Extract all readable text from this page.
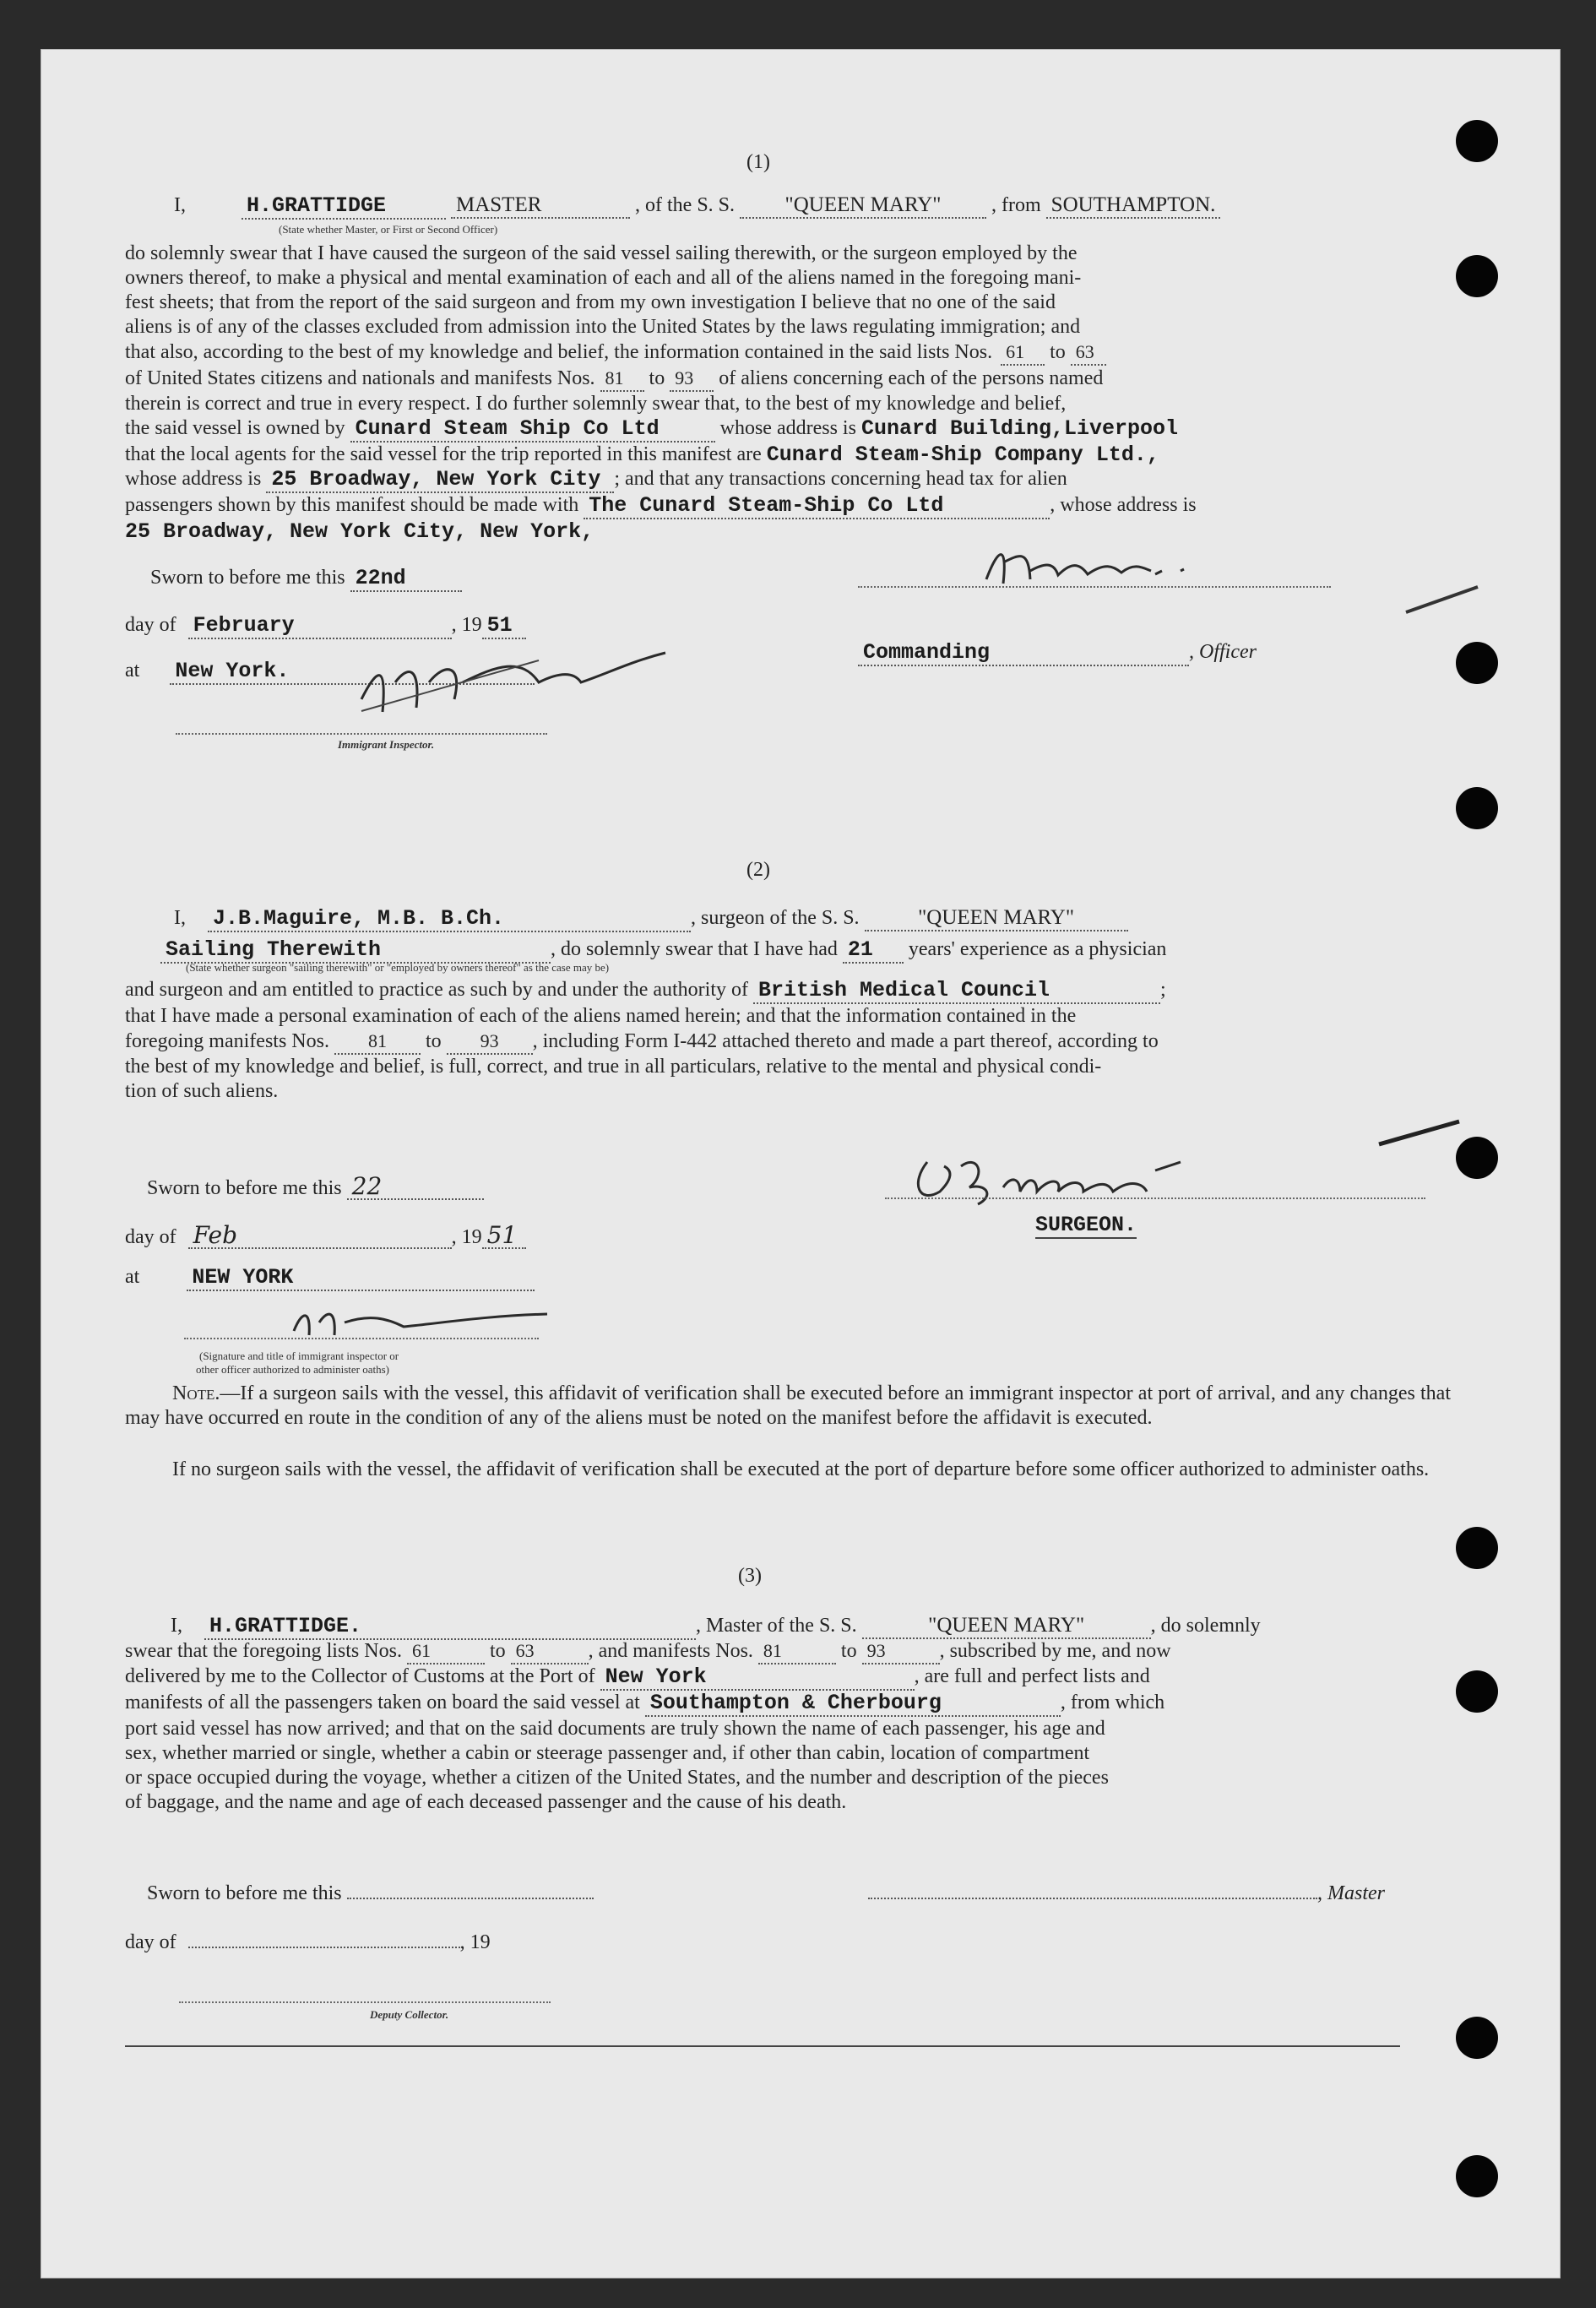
(1)
I,	H.GRATTIDGE	MASTER	, of the S. S. "QUEEN MARY" , from SOUTHAMPTON.
(State whether Master, or First or Second Officer)
do solemnly swear that I have caused the surgeon of the said vessel sailing therewith, or the surgeon employed by the
owners thereof, to make a physical and mental examination of each and all of the aliens named in the foregoing mani-
fest sheets; that from the report of the said surgeon and from my own investigation I believe that no one of the said
aliens is of any of the classes excluded from admission into the United States by the laws regulating immigration; and
that also, according to the best of my knowledge and belief, the information contained in the said lists Nos. 61 to 63
of United States citizens and nationals and manifests Nos. 81 to 93 of aliens concerning each of the persons named
therein is correct and true in every respect. I do further solemnly swear that, to the best of my knowledge and belief,
the said vessel is owned by Cunard Steam Ship Co Ltd	whose address is Cunard Building,Liverpool
that the local agents for the said vessel for the trip reported in this manifest are Cunard Steam-Ship Company Ltd.,
whose address is 25 Broadway, New York City ; and that any transactions concerning head tax for alien
passengers shown by this manifest should be made with The Cunard Steam-Ship Co Ltd	, whose address is
25 Broadway, New York City, New York,
Sworn to before me this 22nd
day of February	, 19 51
Commanding	, Officer
at New York.
Immigrant Inspector.
(2)
I, J.B.Maguire, M.B. B.Ch.	, surgeon of the S. S.	"QUEEN MARY"
Sailing Therewith	, do solemnly swear that I have had 21 years' experience as a physician
(State whether surgeon "sailing therewith" or "employed by owners thereof" as the case may be)
and surgeon and am entitled to practice as such by and under the authority of British Medical Council	;
that I have made a personal examination of each of the aliens named herein; and that the information contained in the
foregoing manifests Nos. 81 to 93 , including Form I-442 attached thereto and made a part thereof, according to
the best of my knowledge and belief, is full, correct, and true in all particulars, relative to the mental and physical condi-
tion of such aliens.
Sworn to before me this 22
day of Feb	, 19 51	SURGEON.
at NEW YORK
(Signature and title of immigrant inspector or
other officer authorized to administer oaths)
Note.—If a surgeon sails with the vessel, this affidavit of verification shall be executed before an immigrant inspector at port of arrival, and any changes that may have occurred en route in the condition of any of the aliens must be noted on the manifest before the affidavit is executed.
If no surgeon sails with the vessel, the affidavit of verification shall be executed at the port of departure before some officer authorized to administer oaths.
(3)
I, H.GRATTIDGE.	, Master of the S. S.	"QUEEN MARY"	, do solemnly
swear that the foregoing lists Nos. 61	to 63	, and manifests Nos. 81	to 93	, subscribed by me, and now
delivered by me to the Collector of Customs at the Port of New York	, are full and perfect lists and
manifests of all the passengers taken on board the said vessel at Southampton & Cherbourg	, from which
port said vessel has now arrived; and that on the said documents are truly shown the name of each passenger, his age and
sex, whether married or single, whether a cabin or steerage passenger and, if other than cabin, location of compartment
or space occupied during the voyage, whether a citizen of the United States, and the number and description of the pieces
of baggage, and the name and age of each deceased passenger and the cause of his death.
Sworn to before me this	, Master
day of	, 19
Deputy Collector.
